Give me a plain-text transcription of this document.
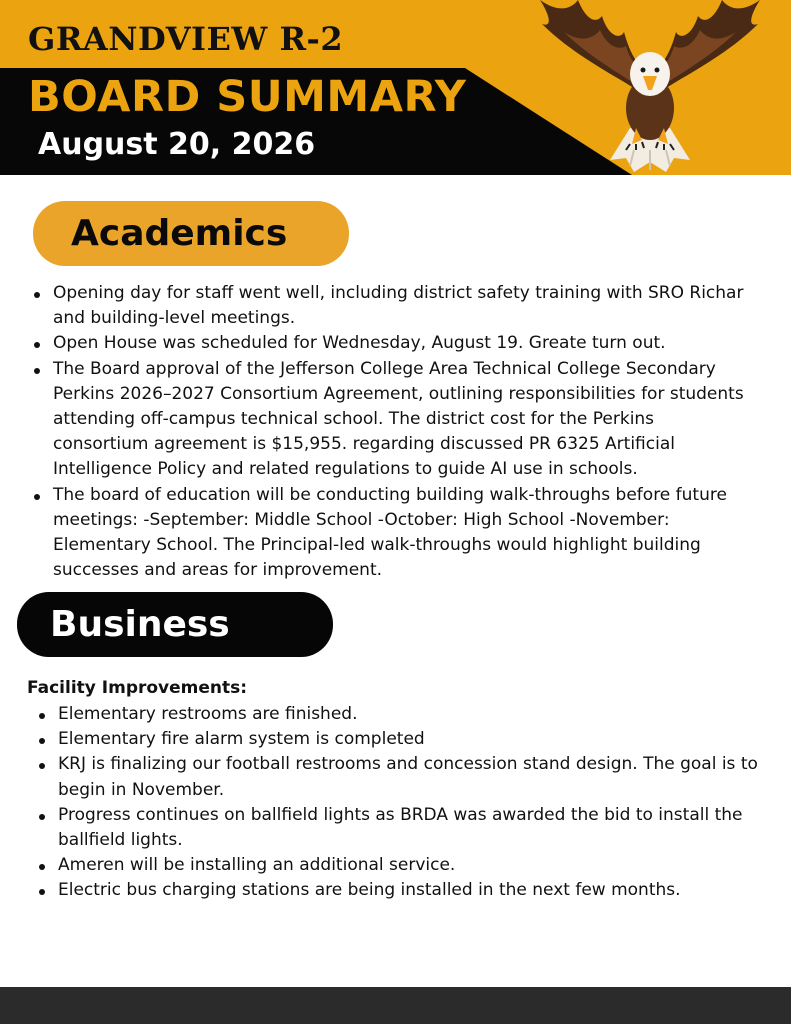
GRANDVIEW R-2
BOARD SUMMARY
August 20, 2026
Academics
Opening day for staff went well, including district safety training with SRO Richar
and building-level meetings.
Open House was scheduled for Wednesday, August 19. Greate turn out.
The Board approval of the Jefferson College Area Technical College Secondary
Perkins 2026–2027 Consortium Agreement, outlining responsibilities for students
attending off-campus technical school. The district cost for the Perkins
consortium agreement is $15,955. regarding discussed PR 6325 Artificial
Intelligence Policy and related regulations to guide AI use in schools.
The board of education will be conducting building walk-throughs before future
meetings: -September: Middle School -October: High School -November:
Elementary School. The Principal-led walk-throughs would highlight building
successes and areas for improvement.
Business
Facility Improvements:
Elementary restrooms are finished.
Elementary fire alarm system is completed
KRJ is finalizing our football restrooms and concession stand design. The goal is to begin in November.
Progress continues on ballfield lights as BRDA was awarded the bid to install the ballfield lights.
Ameren will be installing an additional service.
Electric bus charging stations are being installed in the next few months.
